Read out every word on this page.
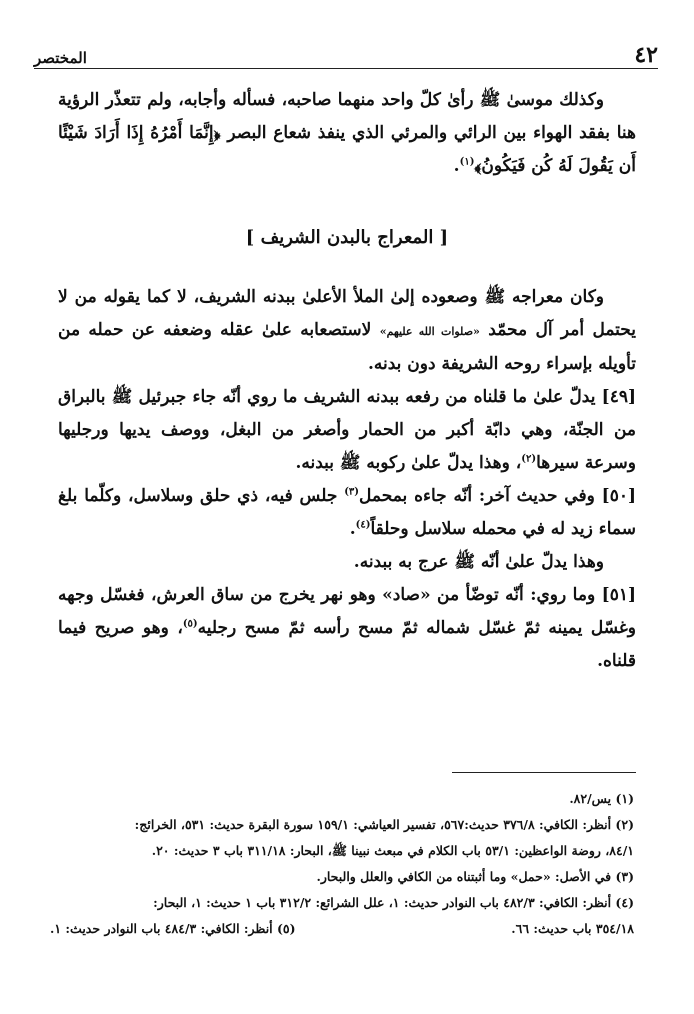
٤٢
المختصر

وكذلك موسىٰ ﷺ رأىٰ كلّ واحد منهما صاحبه، فسأله وأجابه، ولم تتعذّر الرؤية هنا بفقد الهواء بين الرائي والمرئي الذي ينفذ شعاع البصر ﴿إِنَّمَا أَمْرُهُ إِذَا أَرَادَ شَيْئًا أَن يَقُولَ لَهُ كُن فَيَكُونُ﴾$^{(١)}$.

[ المعراج بالبدن الشريف ]

وكان معراجه ﷺ وصعوده إلىٰ الملأ الأعلىٰ ببدنه الشريف، لا كما يقوله من لا يحتمل أمر آل محمّد «صلوات الله عليهم» لاستصعابه علىٰ عقله وضعفه عن حمله من تأويله بإسراء روحه الشريفة دون بدنه.

[٤٩] يدلّ علىٰ ما قلناه من رفعه ببدنه الشريف ما روي أنّه جاء جبرئيل ﷺ بالبراق من الجنّة، وهي دابّة أكبر من الحمار وأصغر من البغل، ووصف يديها ورجليها وسرعة سيرها$^{(٢)}$، وهذا يدلّ علىٰ ركوبه ﷺ ببدنه.

[٥٠] وفي حديث آخر: أنّه جاءه بمحمل$^{(٣)}$ جلس فيه، ذي حلق وسلاسل، وكلّما بلغ سماء زيد له في محمله سلاسل وحلقاً$^{(٤)}$.

وهذا يدلّ علىٰ أنّه ﷺ عرج به ببدنه.

[٥١] وما روي: أنّه توضّأ من «صاد» وهو نهر يخرج من ساق العرش، فغسّل وجهه وغسّل يمينه ثمّ غسّل شماله ثمّ مسح رأسه ثمّ مسح رجليه$^{(٥)}$، وهو صريح فيما قلناه.

(١) يس/٨٢.

(٢) أنظر: الكافي: ٣٧٦/٨ حديث:٥٦٧، تفسير العياشي: ١٥٩/١ سورة البقرة حديث: ٥٣١، الخرائج:

٨٤/١، روضة الواعظين: ٥٣/١ باب الكلام في مبعث نبينا ﷺ، البحار: ٣١١/١٨ باب ٣ حديث: ٢٠.

(٣) في الأصل: «حمل» وما أثبتناه من الكافي والعلل والبحار.

(٤) أنظر: الكافي: ٤٨٢/٣ باب النوادر حديث: ١، علل الشرائع: ٣١٢/٢ باب ١ حديث: ١، البحار:

٣٥٤/١٨ باب حديث: ٦٦.
(٥) أنظر: الكافي: ٤٨٤/٣ باب النوادر حديث: ١.
